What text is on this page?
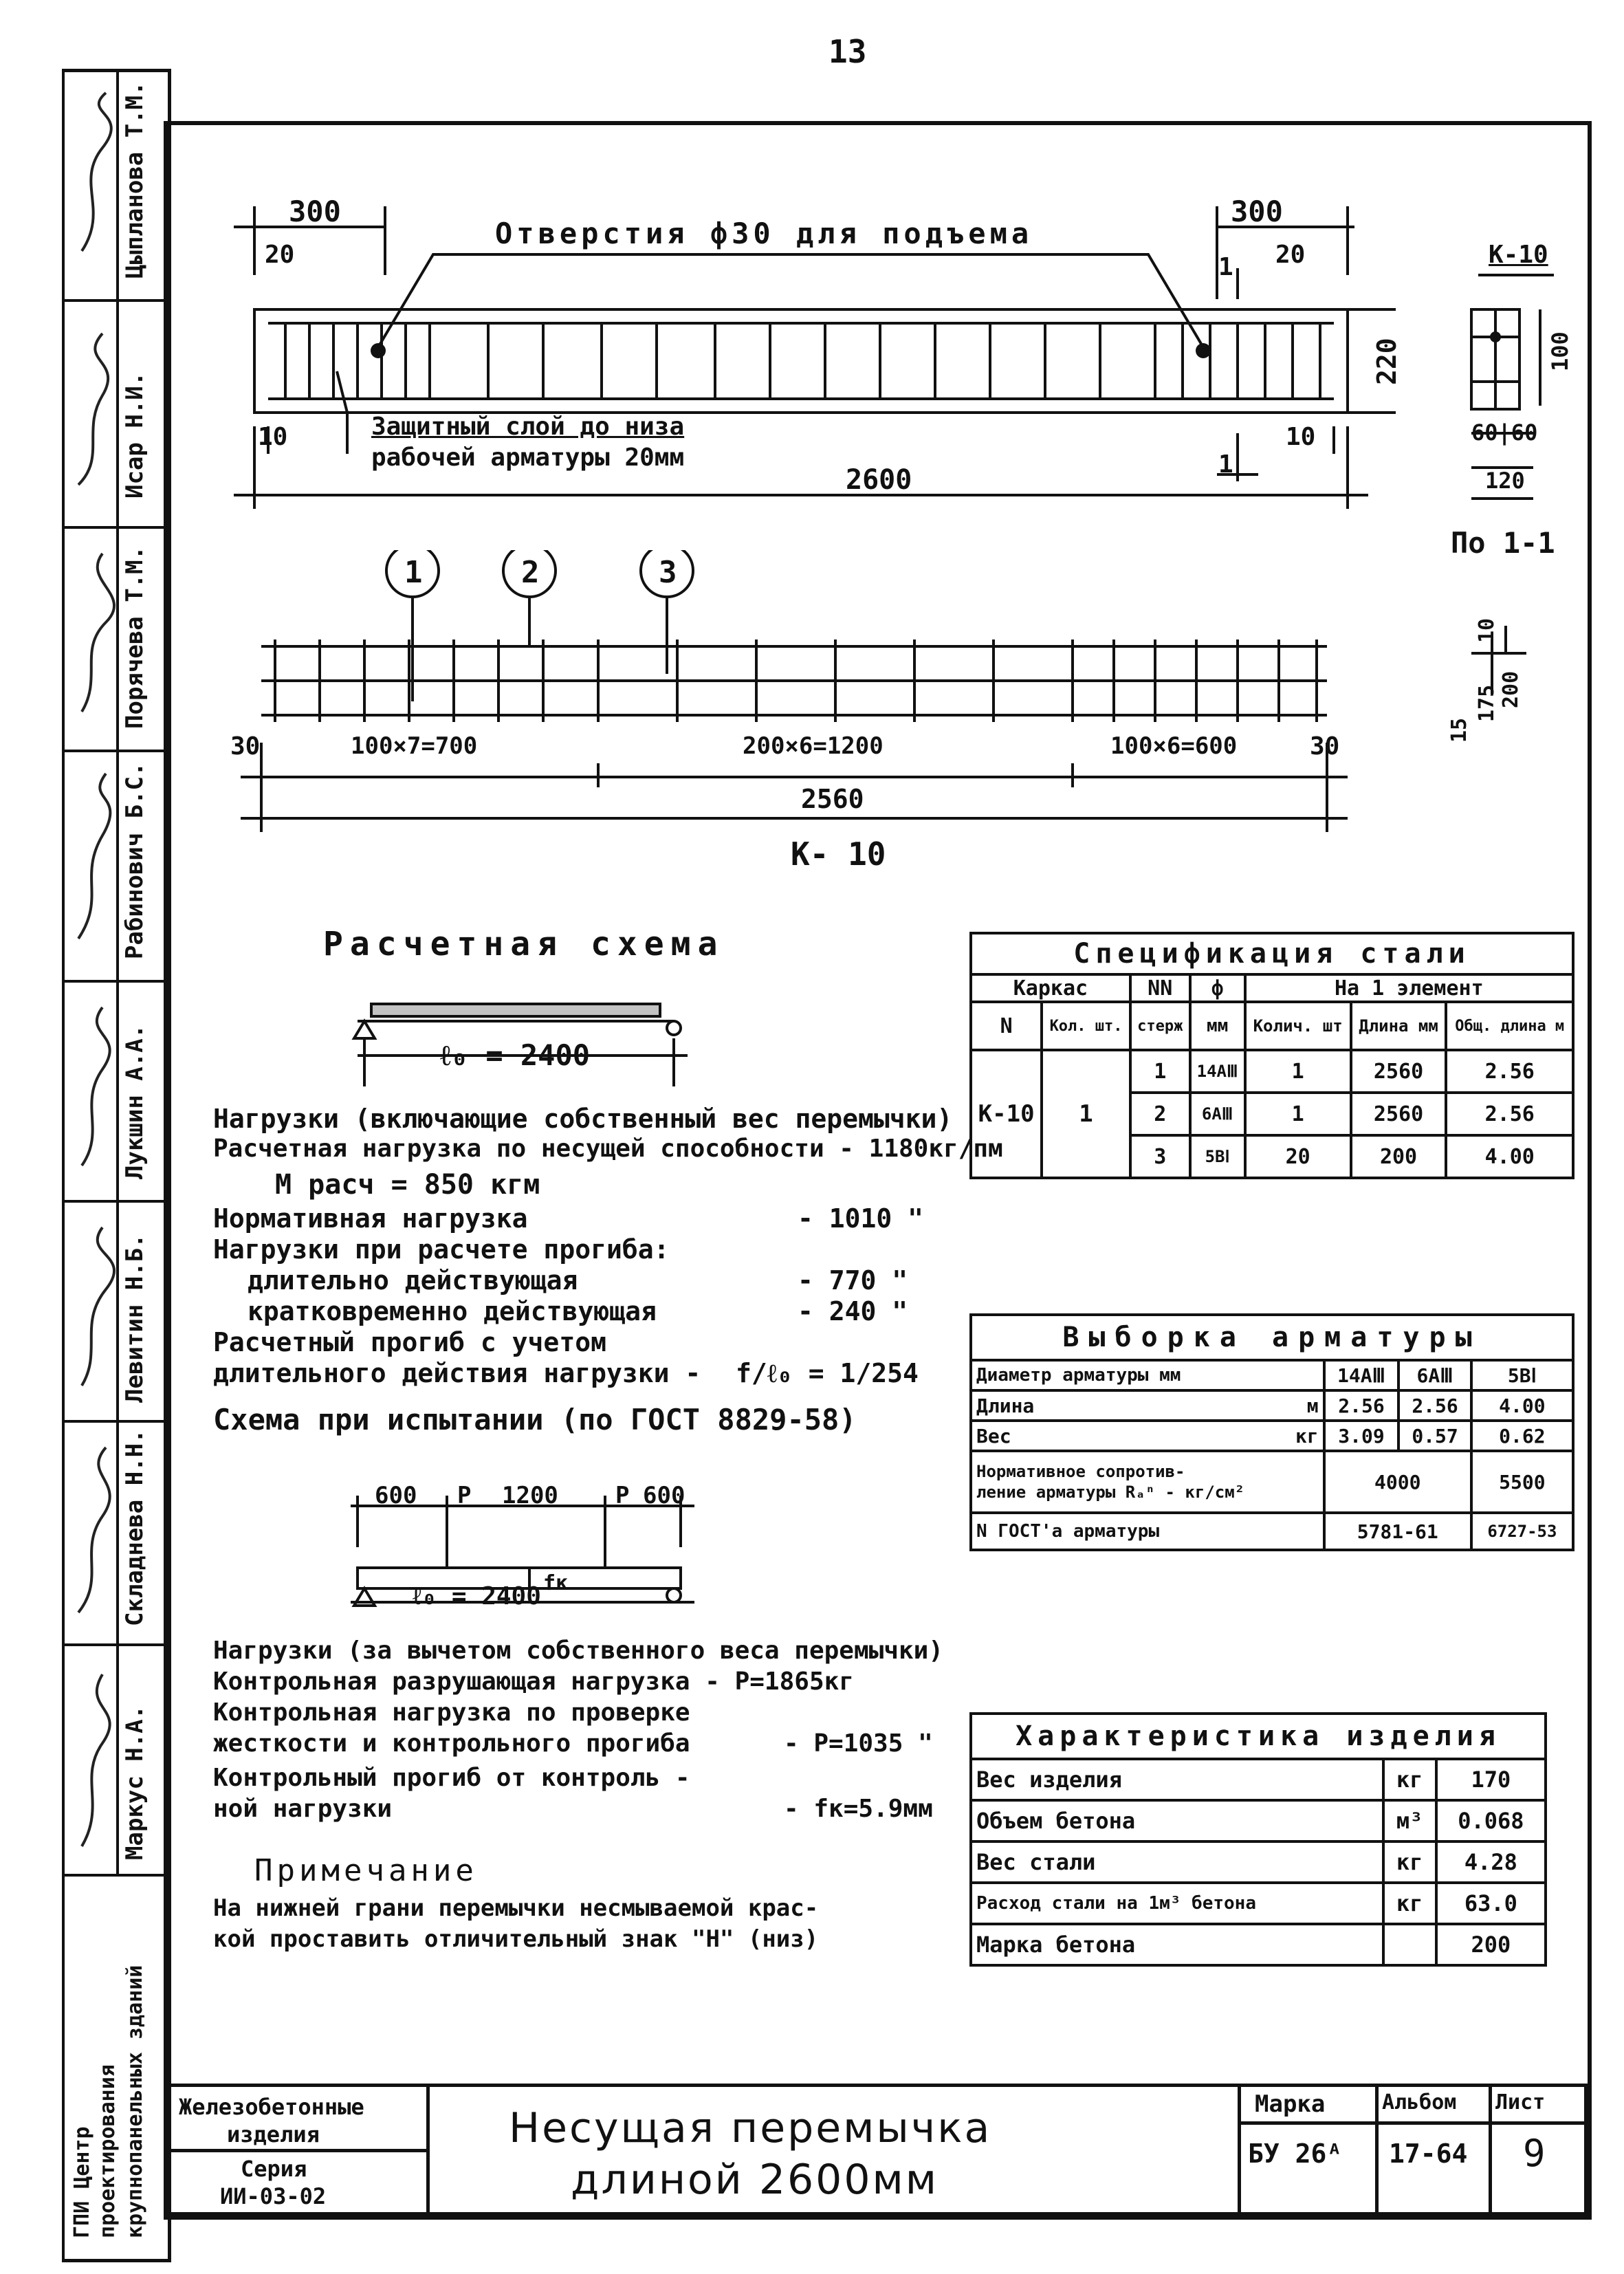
13
Цыпланова Т.М.
Исар Н.И.
Порячева Т.М.
Рабинович Б.С.
Лукшин А.А.
Левитин Н.Б.
Складнева Н.Н.
Маркус Н.А.
ГПИ Центр проектирования крупнопанельных зданий
300
20
300
20
Отверстия ф30 для подъема
Защитный слой до низа
рабочей арматуры 20мм
10	10
2600
1
1
220
К-10
100
60|60
120
По 1-1
15
175
10
200
1	2	3
30	30
100×7=700	200×6=1200	100×6=600
2560
К- 10
Расчетная схема
ℓ₀ = 2400
Нагрузки (включающие собственный вес перемычки)
Расчетная нагрузка по несущей способности - 1180кг/пм
М расч = 850 кгм
Нормативная нагрузка	- 1010 "
Нагрузки при расчете прогиба:
длительно действующая	- 770 "
кратковременно действующая	- 240 "
Расчетный прогиб с учетом
длительного действия нагрузки - f/ℓ₀ = 1/254
Схема при испытании (по ГОСТ 8829-58)
600 P 1200 P 600
ℓ₀ = 2400 fк
Нагрузки (за вычетом собственного веса перемычки)
Контрольная разрушающая нагрузка - P=1865кг
Контрольная нагрузка по проверке
жесткости и контрольного прогиба	- P=1035 "
Контрольный прогиб от контроль -
ной нагрузки	- fк=5.9мм
Примечание
На нижней грани перемычки несмываемой крас-
кой проставить отличительный знак "Н" (низ)
Спецификация стали						
Каркас		NN	ф	На 1 элемент		
N	Кол. шт.	стерж	мм	Колич. шт	Длина мм	Общ. длина м
К-10	1	1	14АⅢ	1	2560	2.56
		2	6АⅢ	1	2560	2.56
		3	5ВⅠ	20	200	4.00
Выборка арматуры				
Диаметр арматуры мм		14АⅢ	6АⅢ	5ВⅠ
Длина	м	2.56	2.56	4.00
Вес	кг	3.09	0.57	0.62

Нормативное сопротив-
ление арматуры Rₐⁿ - кг/см²		4000		5500
N ГОСТ'а арматуры		5781-61		6727-53
Характеристика изделия		
Вес изделия	кг	170
Объем бетона	м³	0.068
Вес стали	кг	4.28
Расход стали на 1м³ бетона	кг	63.0
Марка бетона		200
Железобетонные
изделия
Серия
ИИ-03-02
Несущая перемычка
длиной 2600мм
Марка	Альбом Лист
БУ 26ᴬ 17-64 9
